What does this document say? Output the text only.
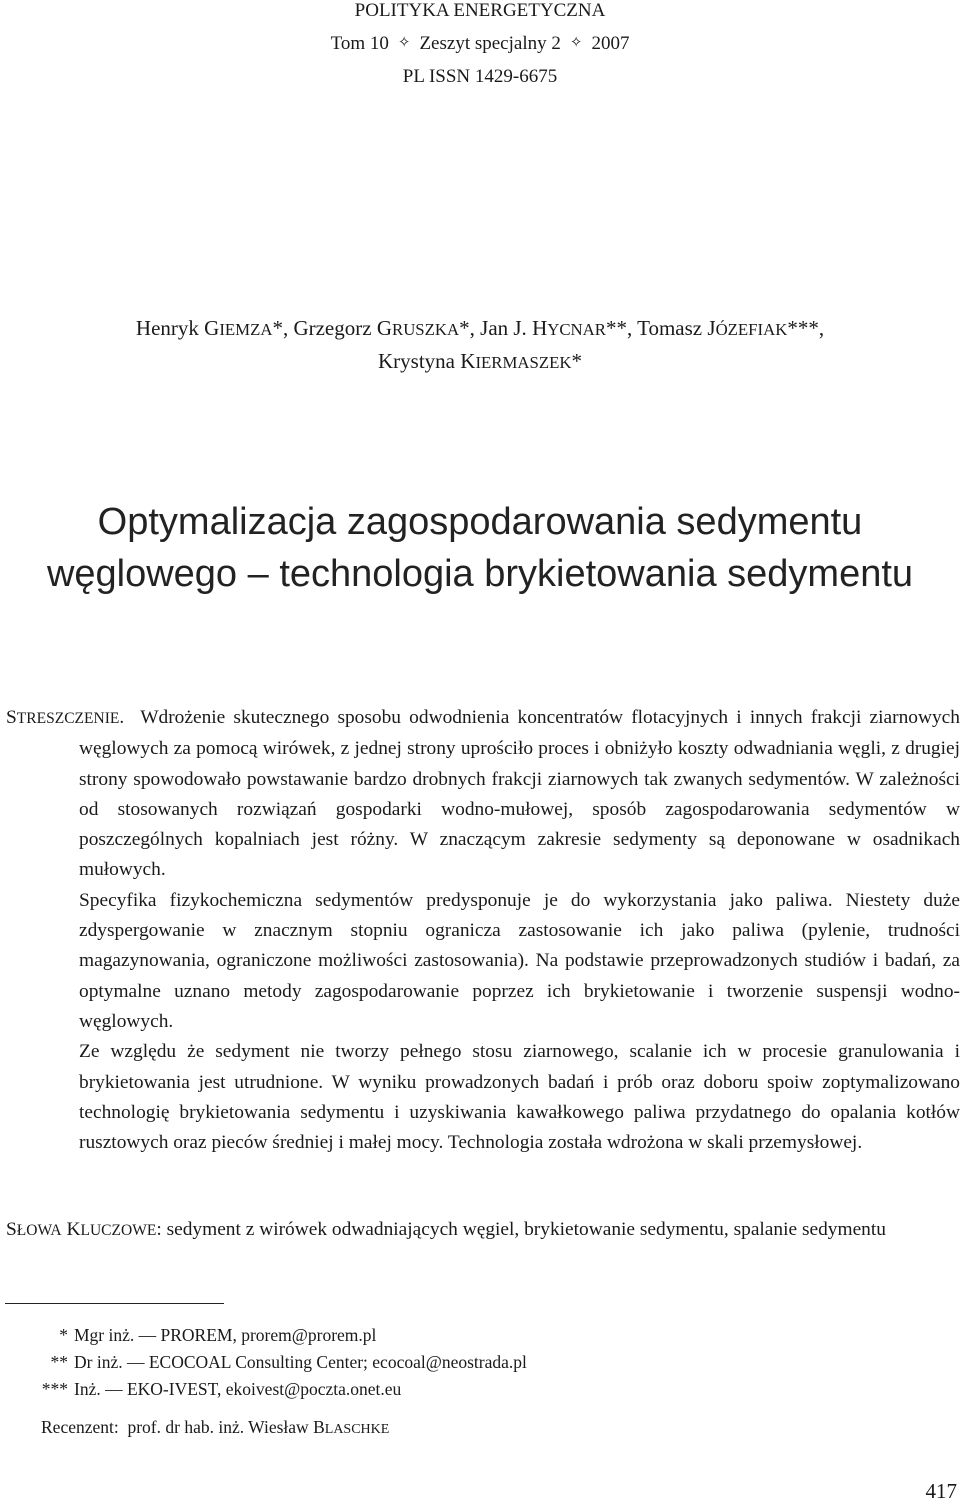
POLITYKA ENERGETYCZNA
Tom 10 ✧ Zeszyt specjalny 2 ✧ 2007
PL ISSN 1429-6675
Henryk GIEMZA*, Grzegorz GRUSZKA*, Jan J. HYCNAR**, Tomasz JÓZEFIAK***,
Krystyna KIERMASZEK*
Optymalizacja zagospodarowania sedymentu
węglowego – technologia brykietowania sedymentu

STRESZCZENIE. Wdrożenie skutecznego sposobu odwodnienia koncentratów flotacyjnych i innych frakcji ziarnowych węglowych za pomocą wirówek, z jednej strony uprościło proces i obniżyło koszty odwadniania węgli, z drugiej strony spowodowało powstawanie bardzo drobnych frakcji ziarnowych tak zwanych sedymentów. W zależności od stosowanych rozwiązań gospodarki wodno-mułowej, sposób zagospodarowania sedymentów w poszczególnych kopalniach jest różny. W znaczącym zakresie sedymenty są deponowane w osadnikach mułowych.

Specyfika fizykochemiczna sedymentów predysponuje je do wykorzystania jako paliwa. Niestety duże zdyspergowanie w znacznym stopniu ogranicza zastosowanie ich jako paliwa (pylenie, trudności magazynowania, ograniczone możliwości zastosowania). Na podstawie przeprowadzonych studiów i badań, za optymalne uznano metody zagospodarowanie poprzez ich brykietowanie i tworzenie suspensji wodno-węglowych.

Ze względu że sedyment nie tworzy pełnego stosu ziarnowego, scalanie ich w procesie granulowania i brykietowania jest utrudnione. W wyniku prowadzonych badań i prób oraz doboru spoiw zoptymalizowano technologię brykietowania sedymentu i uzyskiwania kawałkowego paliwa przydatnego do opalania kotłów rusztowych oraz pieców średniej i małej mocy. Technologia została wdrożona w skali przemysłowej.

SŁOWA KLUCZOWE: sedyment z wirówek odwadniających węgiel, brykietowanie sedymentu, spalanie sedymentu
* Mgr inż. — PROREM, prorem@prorem.pl
** Dr inż. — ECOCOAL Consulting Center; ecocoal@neostrada.pl
*** Inż. — EKO-IVEST, ekoivest@poczta.onet.eu
Recenzent: prof. dr hab. inż. Wiesław BLASCHKE
417
